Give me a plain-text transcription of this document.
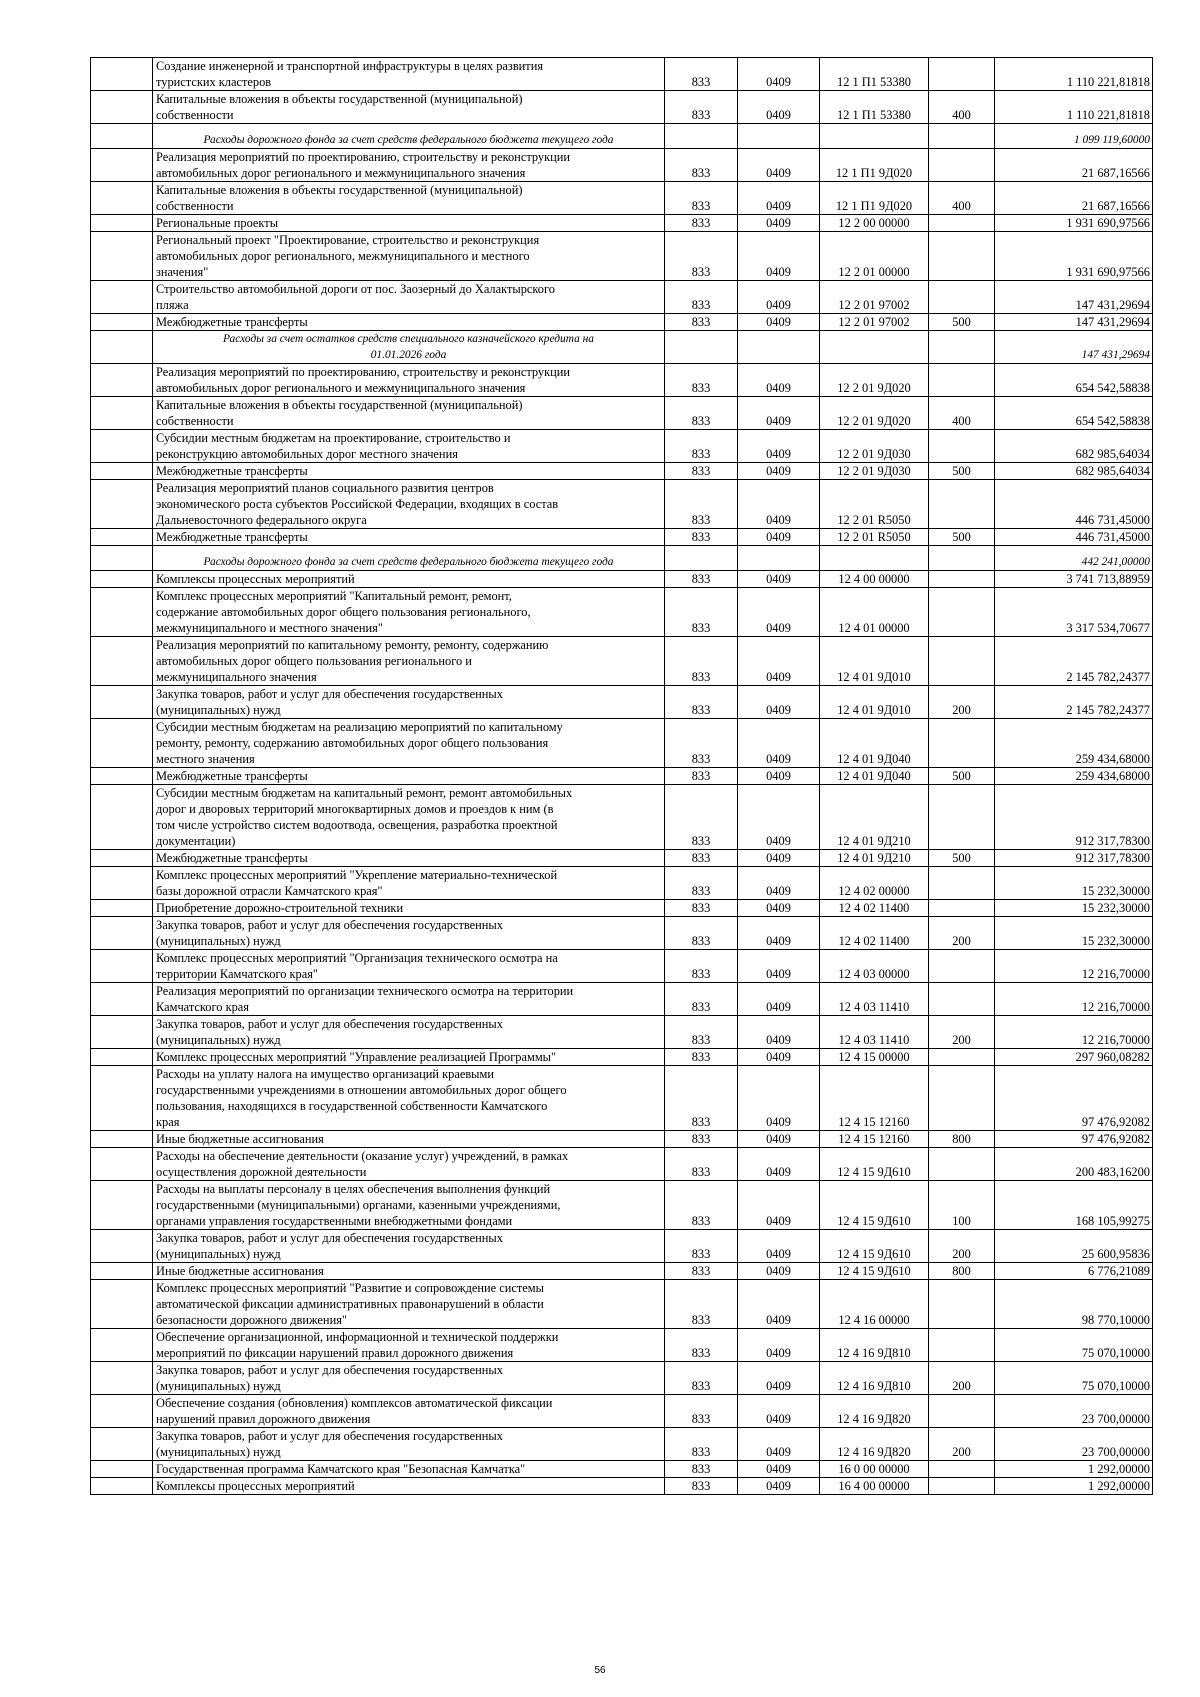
	Создание инженерной и транспортной инфраструктуры в целях развития
туристских кластеров	833	0409	12 1 П1 53380		1 110 221,81818
	Капитальные вложения в объекты государственной (муниципальной)
собственности	833	0409	12 1 П1 53380	400	1 110 221,81818
	Расходы дорожного фонда за счет средств федерального бюджета текущего года					1 099 119,60000
	Реализация мероприятий по проектированию, строительству и реконструкции
автомобильных дорог регионального и межмуниципального значения	833	0409	12 1 П1 9Д020		21 687,16566
	Капитальные вложения в объекты государственной (муниципальной)
собственности	833	0409	12 1 П1 9Д020	400	21 687,16566
	Региональные проекты	833	0409	12 2 00 00000		1 931 690,97566
	Региональный проект "Проектирование, строительство и реконструкция
автомобильных дорог регионального, межмуниципального и местного
значения"	833	0409	12 2 01 00000		1 931 690,97566
	Строительство автомобильной дороги от пос. Заозерный до Халактырского
пляжа	833	0409	12 2 01 97002		147 431,29694
	Межбюджетные трансферты	833	0409	12 2 01 97002	500	147 431,29694
	Расходы за счет остатков средств специального казначейского кредита на
01.01.2026 года					147 431,29694
	Реализация мероприятий по проектированию, строительству и реконструкции
автомобильных дорог регионального и межмуниципального значения	833	0409	12 2 01 9Д020		654 542,58838
	Капитальные вложения в объекты государственной (муниципальной)
собственности	833	0409	12 2 01 9Д020	400	654 542,58838
	Субсидии местным бюджетам на проектирование, строительство и
реконструкцию автомобильных дорог местного значения	833	0409	12 2 01 9Д030		682 985,64034
	Межбюджетные трансферты	833	0409	12 2 01 9Д030	500	682 985,64034
	Реализация мероприятий планов социального развития центров
экономического роста субъектов Российской Федерации, входящих в состав
Дальневосточного федерального округа	833	0409	12 2 01 R5050		446 731,45000
	Межбюджетные трансферты	833	0409	12 2 01 R5050	500	446 731,45000
	Расходы дорожного фонда за счет средств федерального бюджета текущего года					442 241,00000
	Комплексы процессных мероприятий	833	0409	12 4 00 00000		3 741 713,88959
	Комплекс процессных мероприятий "Капитальный ремонт, ремонт,
содержание автомобильных дорог общего пользования регионального,
межмуниципального и местного значения"	833	0409	12 4 01 00000		3 317 534,70677
	Реализация мероприятий по капитальному ремонту, ремонту, содержанию
автомобильных дорог общего пользования регионального и
межмуниципального значения	833	0409	12 4 01 9Д010		2 145 782,24377
	Закупка товаров, работ и услуг для обеспечения государственных
(муниципальных) нужд	833	0409	12 4 01 9Д010	200	2 145 782,24377
	Субсидии местным бюджетам на реализацию мероприятий по капитальному
ремонту, ремонту, содержанию автомобильных дорог общего пользования
местного значения	833	0409	12 4 01 9Д040		259 434,68000
	Межбюджетные трансферты	833	0409	12 4 01 9Д040	500	259 434,68000
	Субсидии местным бюджетам на капитальный ремонт, ремонт автомобильных
дорог и дворовых территорий многоквартирных домов и проездов к ним (в
том числе устройство систем водоотвода, освещения, разработка проектной
документации)	833	0409	12 4 01 9Д210		912 317,78300
	Межбюджетные трансферты	833	0409	12 4 01 9Д210	500	912 317,78300
	Комплекс процессных мероприятий "Укрепление материально-технической
базы дорожной отрасли Камчатского края"	833	0409	12 4 02 00000		15 232,30000
	Приобретение дорожно-строительной техники	833	0409	12 4 02 11400		15 232,30000
	Закупка товаров, работ и услуг для обеспечения государственных
(муниципальных) нужд	833	0409	12 4 02 11400	200	15 232,30000
	Комплекс процессных мероприятий "Организация технического осмотра на
территории Камчатского края"	833	0409	12 4 03 00000		12 216,70000
	Реализация мероприятий по организации технического осмотра на территории
Камчатского края	833	0409	12 4 03 11410		12 216,70000
	Закупка товаров, работ и услуг для обеспечения государственных
(муниципальных) нужд	833	0409	12 4 03 11410	200	12 216,70000
	Комплекс процессных мероприятий "Управление реализацией Программы"	833	0409	12 4 15 00000		297 960,08282
	Расходы на уплату налога на имущество организаций краевыми
государственными учреждениями в отношении автомобильных дорог общего
пользования, находящихся в государственной собственности Камчатского
края	833	0409	12 4 15 12160		97 476,92082
	Иные бюджетные ассигнования	833	0409	12 4 15 12160	800	97 476,92082
	Расходы на обеспечение деятельности (оказание услуг) учреждений, в рамках
осуществления дорожной деятельности	833	0409	12 4 15 9Д610		200 483,16200
	Расходы на выплаты персоналу в целях обеспечения выполнения функций
государственными (муниципальными) органами, казенными учреждениями,
органами управления государственными внебюджетными фондами	833	0409	12 4 15 9Д610	100	168 105,99275
	Закупка товаров, работ и услуг для обеспечения государственных
(муниципальных) нужд	833	0409	12 4 15 9Д610	200	25 600,95836
	Иные бюджетные ассигнования	833	0409	12 4 15 9Д610	800	6 776,21089
	Комплекс процессных мероприятий "Развитие и сопровождение системы
автоматической фиксации административных правонарушений в области
безопасности дорожного движения"	833	0409	12 4 16 00000		98 770,10000
	Обеспечение организационной, информационной и технической поддержки
мероприятий по фиксации нарушений правил дорожного движения	833	0409	12 4 16 9Д810		75 070,10000
	Закупка товаров, работ и услуг для обеспечения государственных
(муниципальных) нужд	833	0409	12 4 16 9Д810	200	75 070,10000
	Обеспечение создания (обновления) комплексов автоматической фиксации
нарушений правил дорожного движения	833	0409	12 4 16 9Д820		23 700,00000
	Закупка товаров, работ и услуг для обеспечения государственных
(муниципальных) нужд	833	0409	12 4 16 9Д820	200	23 700,00000
	Государственная программа Камчатского края "Безопасная Камчатка"	833	0409	16 0 00 00000		1 292,00000
	Комплексы процессных мероприятий	833	0409	16 4 00 00000		1 292,00000
56
